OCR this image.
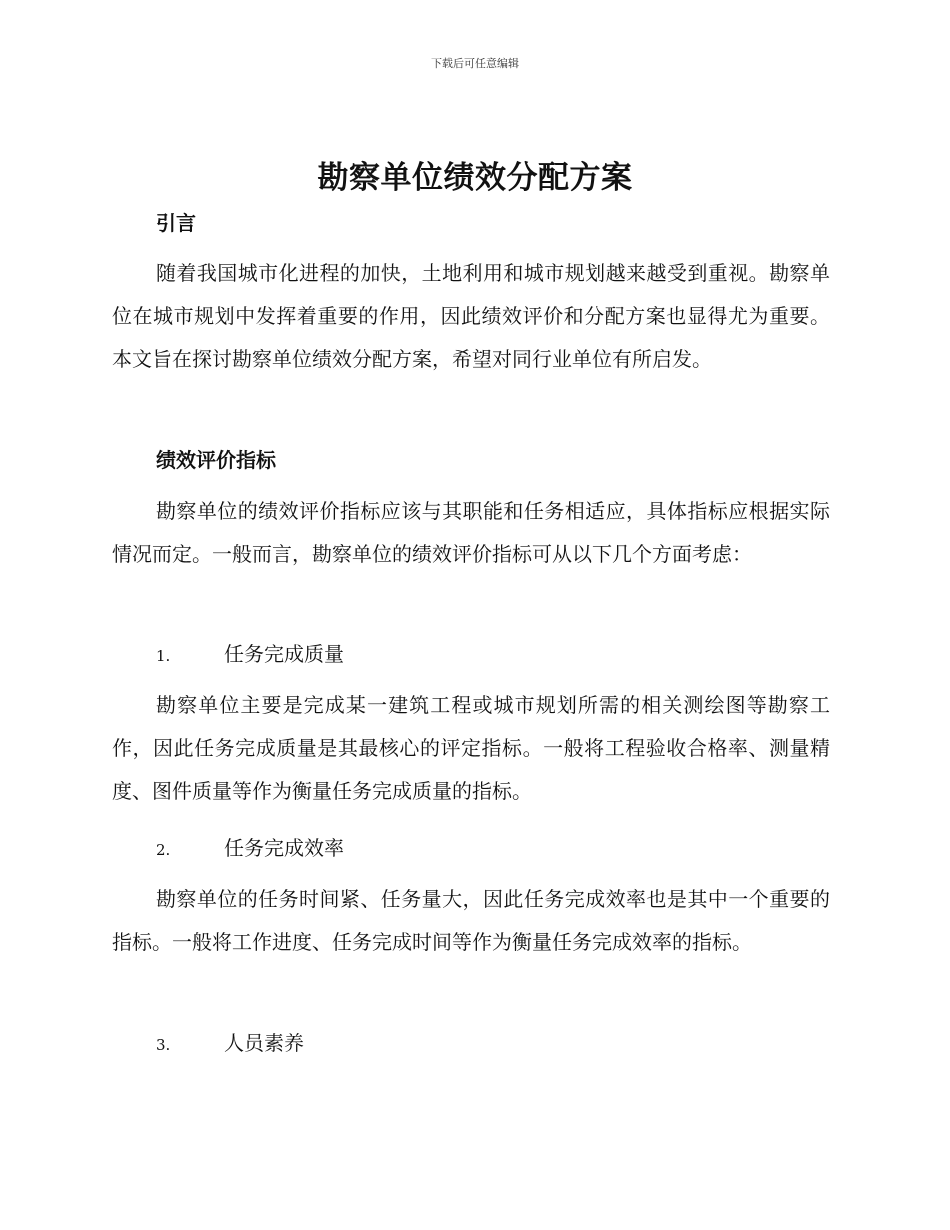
下载后可任意编辑
勘察单位绩效分配方案
引言

随着我国城市化进程的加快，土地利用和城市规划越来越受到重视。勘察单位在城市规划中发挥着重要的作用，因此绩效评价和分配方案也显得尤为重要。本文旨在探讨勘察单位绩效分配方案，希望对同行业单位有所启发。

绩效评价指标

勘察单位的绩效评价指标应该与其职能和任务相适应，具体指标应根据实际情况而定。一般而言，勘察单位的绩效评价指标可从以下几个方面考虑：

1.	任务完成质量

勘察单位主要是完成某一建筑工程或城市规划所需的相关测绘图等勘察工作，因此任务完成质量是其最核心的评定指标。一般将工程验收合格率、测量精度、图件质量等作为衡量任务完成质量的指标。

2.	任务完成效率

勘察单位的任务时间紧、任务量大，因此任务完成效率也是其中一个重要的指标。一般将工作进度、任务完成时间等作为衡量任务完成效率的指标。

3.	人员素养
